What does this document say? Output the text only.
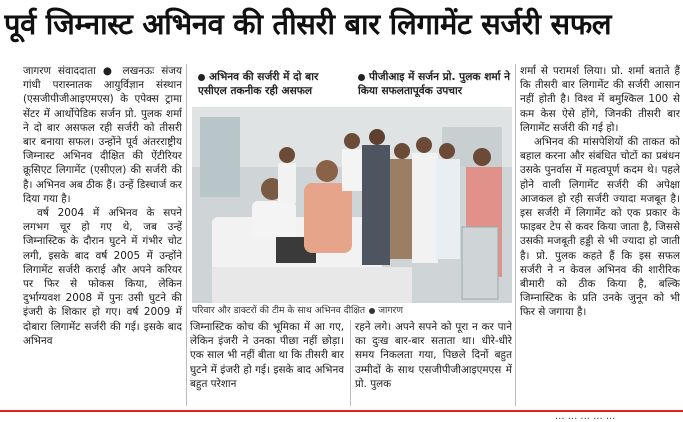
पूर्व जिम्नास्ट अभिनव की तीसरी बार लिगामेंट सर्जरी सफल

जागरण संवाददाता ● लखनऊः संजय गांधी परास्नातक आयुर्विज्ञान संस्थान (एसजीपीजीआइएमएस) के एपेक्स ट्रामा सेंटर में आर्थोपेडिक सर्जन प्रो. पुलक शर्मा ने दो बार असफल रही सर्जरी को तीसरी बार बनाया सफल। उन्होंने पूर्व अंतरराष्ट्रीय जिम्नास्ट अभिनव दीक्षित की ऐंटीरियर क्रूसिएट लिगामेंट (एसीएल) की सर्जरी की है। अभिनव अब ठीक हैं। उन्हें डिस्चार्ज कर दिया गया है।

वर्ष 2004 में अभिनव के सपने लगभग चूर हो गए थे, जब उन्हें जिम्नास्टिक के दौरान घुटने में गंभीर चोट लगी, इसके बाद वर्ष 2005 में उन्होंने लिगामेंट सर्जरी कराई और अपने करियर पर फिर से फोकस किया, लेकिन दुर्भाग्यवश 2008 में पुनः उसी घुटने की इंजरी के शिकार हो गए। वर्ष 2009 में दोबारा लिगामेंट सर्जरी की गई। इसके बाद अभिनव

अभिनव की सर्जरी में दो बार एसीएल तकनीक रही असफल
पीजीआइ में सर्जन प्रो. पुलक शर्मा ने किया सफलतापूर्वक उपचार
परिवार और डाक्टरों की टीम के साथ अभिनव दीक्षित जागरण

जिम्नास्टिक कोच की भूमिका में आ गए, लेकिन इंजरी ने उनका पीछा नहीं छोड़ा। एक साल भी नहीं बीता था कि तीसरी बार घुटने में इंजरी हो गई। इसके बाद अभिनव बहुत परेशान

रहने लगे। अपने सपने को पूरा न कर पाने का दुःख बार-बार सताता था। धीरे-धीरे समय निकलता गया, पिछले दिनों बहुत उम्मीदों के साथ एसजीपीजीआइएमएस में प्रो. पुलक

शर्मा से परामर्श लिया। प्रो. शर्मा बताते हैं कि तीसरी बार लिगामेंट की सर्जरी आसान नहीं होती है। विश्व में बमुश्किल 100 से कम केस ऐसे होंगे, जिनकी तीसरी बार लिगामेंट सर्जरी की गई हो।

अभिनव की मांसपेशियों की ताकत को बहाल करना और संबंधित चोटों का प्रबंधन उसके पुनर्वास में महत्वपूर्ण कदम थे। पहले होने वाली लिगामेंट सर्जरी की अपेक्षा आजकल हो रही सर्जरी ज्यादा मजबूत है। इस सर्जरी में लिगामेंट को एक प्रकार के फाइबर टेप से कवर किया जाता है, जिससे उसकी मजबूती हड्डी से भी ज्यादा हो जाती है। प्रो. पुलक कहते हैं कि इस सफल सर्जरी ने न केवल अभिनव की शारीरिक बीमारी को ठीक किया है, बल्कि जिम्नास्टिक के प्रति उनके जुनून को भी फिर से जगाया है।

... ... ... ... ...
